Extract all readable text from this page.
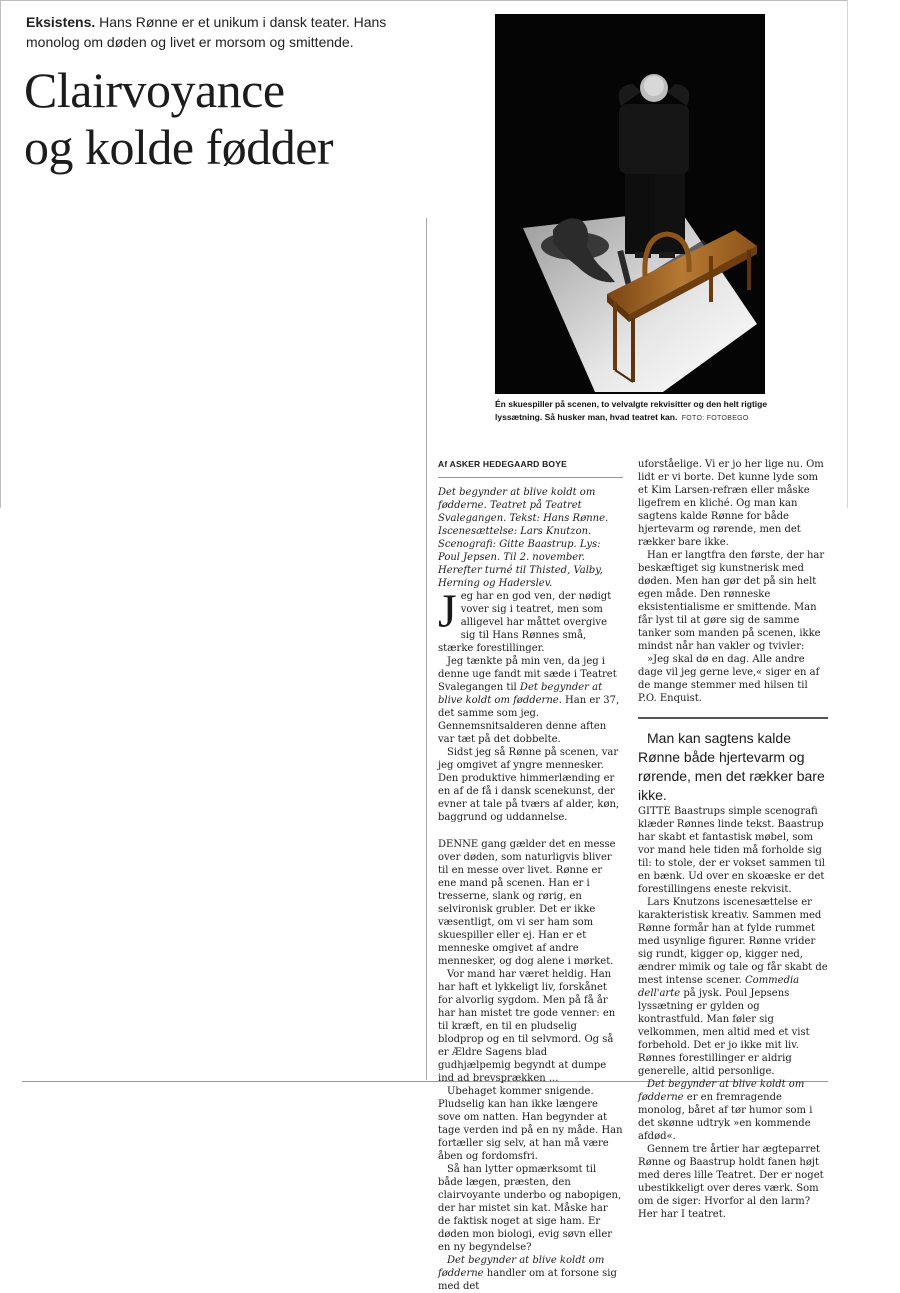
Eksistens. Hans Rønne er et unikum i dansk teater. Hans monolog om døden og livet er morsom og smittende.
Clairvoyance
og kolde fødder
Én skuespiller på scenen, to velvalgte rekvisitter og den helt rigtige lyssætning. Så husker man, hvad teatret kan. FOTO: FOTOBEGO
Af ASKER HEDEGAARD BOYE

Det begynder at blive koldt om fødderne. Teatret på Teatret Svalegangen. Tekst: Hans Rønne. Iscenesættelse: Lars Knutzon. Scenografi: Gitte Baastrup. Lys: Poul Jepsen. Til 2. november. Herefter turné til Thisted, Valby, Herning og Haderslev.

Jeg har en god ven, der nødigt vover sig i teatret, men som alligevel har måttet overgive sig til Hans Rønnes små, stærke forestillinger.

Jeg tænkte på min ven, da jeg i denne uge fandt mit sæde i Teatret Svalegangen til Det begynder at blive koldt om fødderne. Han er 37, det samme som jeg. Gennemsnitsalderen denne aften var tæt på det dobbelte.

Sidst jeg så Rønne på scenen, var jeg omgivet af yngre mennesker. Den produktive himmerlænding er en af de få i dansk scenekunst, der evner at tale på tværs af alder, køn, baggrund og uddannelse.

DENNE gang gælder det en messe over døden, som naturligvis bliver til en messe over livet. Rønne er ene mand på scenen. Han er i tresserne, slank og rørig, en selvironisk grubler. Det er ikke væsentligt, om vi ser ham som skuespiller eller ej. Han er et menneske omgivet af andre mennesker, og dog alene i mørket.

Vor mand har været heldig. Han har haft et lykkeligt liv, forskånet for alvorlig sygdom. Men på få år har han mistet tre gode venner: en til kræft, en til en pludselig blodprop og en til selvmord. Og så er Ældre Sagens blad gudhjælpemig begyndt at dumpe ind ad brevsprækken ...

Ubehaget kommer snigende. Pludselig kan han ikke længere sove om natten. Han begynder at tage verden ind på en ny måde. Han fortæller sig selv, at han må være åben og fordomsfri.

Så han lytter opmærksomt til både lægen, præsten, den clairvoyante underbo og nabopigen, der har mistet sin kat. Måske har de faktisk noget at sige ham. Er døden mon biologi, evig søvn eller en ny begyndelse?

Det begynder at blive koldt om fødderne handler om at forsone sig med det

uforståelige. Vi er jo her lige nu. Om lidt er vi borte. Det kunne lyde som et Kim Larsen-refræn eller måske ligefrem en kliché. Og man kan sagtens kalde Rønne for både hjertevarm og rørende, men det rækker bare ikke.

Han er langtfra den første, der har beskæftiget sig kunstnerisk med døden. Men han gør det på sin helt egen måde. Den rønneske eksistentialisme er smittende. Man får lyst til at gøre sig de samme tanker som manden på scenen, ikke mindst når han vakler og tvivler:

»Jeg skal dø en dag. Alle andre dage vil jeg gerne leve,« siger en af de mange stemmer med hilsen til P.O. Enquist.

Man kan sagtens kalde Rønne både hjertevarm og rørende, men det rækker bare ikke.

GITTE Baastrups simple scenografi klæder Rønnes linde tekst. Baastrup har skabt et fantastisk møbel, som vor mand hele tiden må forholde sig til: to stole, der er vokset sammen til en bænk. Ud over en skoæske er det forestillingens eneste rekvisit.

Lars Knutzons iscenesættelse er karakteristisk kreativ. Sammen med Rønne formår han at fylde rummet med usynlige figurer. Rønne vrider sig rundt, kigger op, kigger ned, ændrer mimik og tale og får skabt de mest intense scener. Commedia dell'arte på jysk. Poul Jepsens lyssætning er gylden og kontrastfuld. Man føler sig velkommen, men altid med et vist forbehold. Det er jo ikke mit liv. Rønnes forestillinger er aldrig generelle, altid personlige.

Det begynder at blive koldt om fødderne er en fremragende monolog, båret af tør humor som i det skønne udtryk »en kommende afdød«.

Gennem tre årtier har ægteparret Rønne og Baastrup holdt fanen højt med deres lille Teatret. Der er noget ubestikkeligt over deres værk. Som om de siger: Hvorfor al den larm? Her har I teatret.
